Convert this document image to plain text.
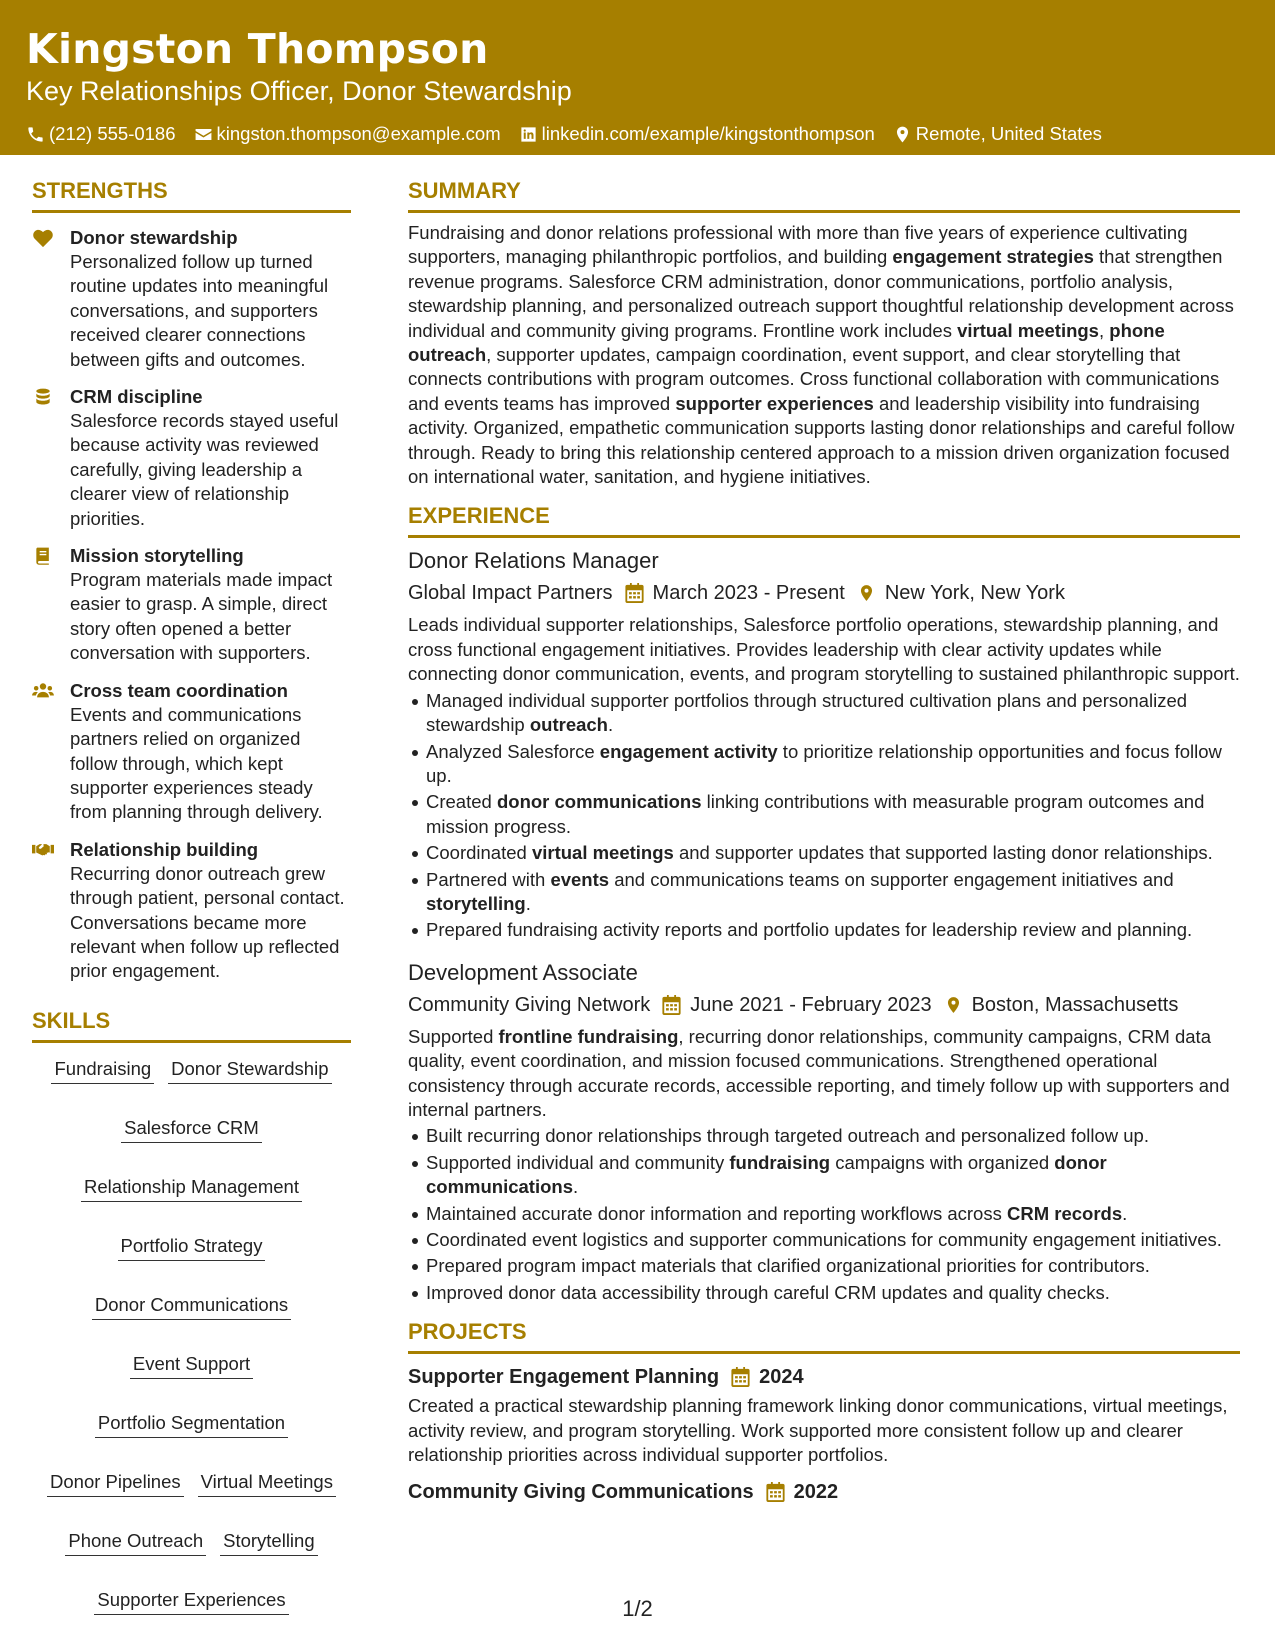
Kingston Thompson
Key Relationships Officer, Donor Stewardship
(212) 555-0186 kingston.thompson@example.com linkedin.com/example/kingstonthompson Remote, United States
STRENGTHS
Donor stewardship
Personalized follow up turned routine updates into meaningful conversations, and supporters received clearer connections between gifts and outcomes.
CRM discipline
Salesforce records stayed useful because activity was reviewed carefully, giving leadership a clearer view of relationship priorities.
Mission storytelling
Program materials made impact easier to grasp. A simple, direct story often opened a better conversation with supporters.
Cross team coordination
Events and communications partners relied on organized follow through, which kept supporter experiences steady from planning through delivery.
Relationship building
Recurring donor outreach grew through patient, personal contact. Conversations became more relevant when follow up reflected prior engagement.
SKILLS
Fundraising Donor Stewardship
Salesforce CRM
Relationship Management
Portfolio Strategy
Donor Communications
Event Support
Portfolio Segmentation
Donor Pipelines Virtual Meetings
Phone Outreach Storytelling
Supporter Experiences
SUMMARY
Fundraising and donor relations professional with more than five years of experience cultivating supporters, managing philanthropic portfolios, and building engagement strategies that strengthen revenue programs. Salesforce CRM administration, donor communications, portfolio analysis, stewardship planning, and personalized outreach support thoughtful relationship development across individual and community giving programs. Frontline work includes virtual meetings, phone outreach, supporter updates, campaign coordination, event support, and clear storytelling that connects contributions with program outcomes. Cross functional collaboration with communications and events teams has improved supporter experiences and leadership visibility into fundraising activity. Organized, empathetic communication supports lasting donor relationships and careful follow through. Ready to bring this relationship centered approach to a mission driven organization focused on international water, sanitation, and hygiene initiatives.
EXPERIENCE
Donor Relations Manager
Global Impact Partners March 2023 - Present New York, New York
Leads individual supporter relationships, Salesforce portfolio operations, stewardship planning, and cross functional engagement initiatives. Provides leadership with clear activity updates while connecting donor communication, events, and program storytelling to sustained philanthropic support.
Managed individual supporter portfolios through structured cultivation plans and personalized stewardship outreach.
Analyzed Salesforce engagement activity to prioritize relationship opportunities and focus follow up.
Created donor communications linking contributions with measurable program outcomes and mission progress.
Coordinated virtual meetings and supporter updates that supported lasting donor relationships.
Partnered with events and communications teams on supporter engagement initiatives and storytelling.
Prepared fundraising activity reports and portfolio updates for leadership review and planning.
Development Associate
Community Giving Network June 2021 - February 2023 Boston, Massachusetts
Supported frontline fundraising, recurring donor relationships, community campaigns, CRM data quality, event coordination, and mission focused communications. Strengthened operational consistency through accurate records, accessible reporting, and timely follow up with supporters and internal partners.
Built recurring donor relationships through targeted outreach and personalized follow up.
Supported individual and community fundraising campaigns with organized donor communications.
Maintained accurate donor information and reporting workflows across CRM records.
Coordinated event logistics and supporter communications for community engagement initiatives.
Prepared program impact materials that clarified organizational priorities for contributors.
Improved donor data accessibility through careful CRM updates and quality checks.
PROJECTS
Supporter Engagement Planning 2024
Created a practical stewardship planning framework linking donor communications, virtual meetings, activity review, and program storytelling. Work supported more consistent follow up and clearer relationship priorities across individual supporter portfolios.
Community Giving Communications 2022
1/2
